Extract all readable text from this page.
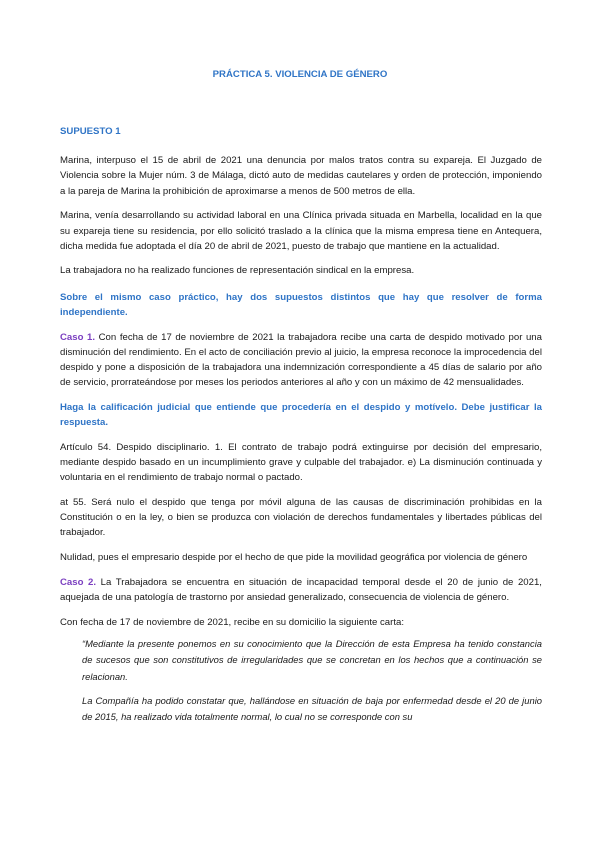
PRÁCTICA 5. VIOLENCIA DE GÉNERO

SUPUESTO 1

Marina, interpuso el 15 de abril de 2021 una denuncia por malos tratos contra su expareja. El Juzgado de Violencia sobre la Mujer núm. 3 de Málaga, dictó auto de medidas cautelares y orden de protección, imponiendo a la pareja de Marina la prohibición de aproximarse a menos de 500 metros de ella.

Marina, venía desarrollando su actividad laboral en una Clínica privada situada en Marbella, localidad en la que su expareja tiene su residencia, por ello solicitó traslado a la clínica que la misma empresa tiene en Antequera, dicha medida fue adoptada el día 20 de abril de 2021, puesto de trabajo que mantiene en la actualidad.

La trabajadora no ha realizado funciones de representación sindical en la empresa.

Sobre el mismo caso práctico, hay dos supuestos distintos que hay que resolver de forma independiente.

Caso 1. Con fecha de 17 de noviembre de 2021 la trabajadora recibe una carta de despido motivado por una disminución del rendimiento. En el acto de conciliación previo al juicio, la empresa reconoce la improcedencia del despido y pone a disposición de la trabajadora una indemnización correspondiente a 45 días de salario por año de servicio, prorrateándose por meses los periodos anteriores al año y con un máximo de 42 mensualidades.

Haga la calificación judicial que entiende que procedería en el despido y motívelo. Debe justificar la respuesta.

Artículo 54. Despido disciplinario. 1. El contrato de trabajo podrá extinguirse por decisión del empresario, mediante despido basado en un incumplimiento grave y culpable del trabajador. e) La disminución continuada y voluntaria en el rendimiento de trabajo normal o pactado.

at 55. Será nulo el despido que tenga por móvil alguna de las causas de discriminación prohibidas en la Constitución o en la ley, o bien se produzca con violación de derechos fundamentales y libertades públicas del trabajador.

Nulidad, pues el empresario despide por el hecho de que pide la movilidad geográfica por violencia de género

Caso 2. La Trabajadora se encuentra en situación de incapacidad temporal desde el 20 de junio de 2021, aquejada de una patología de trastorno por ansiedad generalizado, consecuencia de violencia de género.

Con fecha de 17 de noviembre de 2021, recibe en su domicilio la siguiente carta:

“Mediante la presente ponemos en su conocimiento que la Dirección de esta Empresa ha tenido constancia de sucesos que son constitutivos de irregularidades que se concretan en los hechos que a continuación se relacionan.

La Compañía ha podido constatar que, hallándose en situación de baja por enfermedad desde el 20 de junio de 2015, ha realizado vida totalmente normal, lo cual no se corresponde con su
